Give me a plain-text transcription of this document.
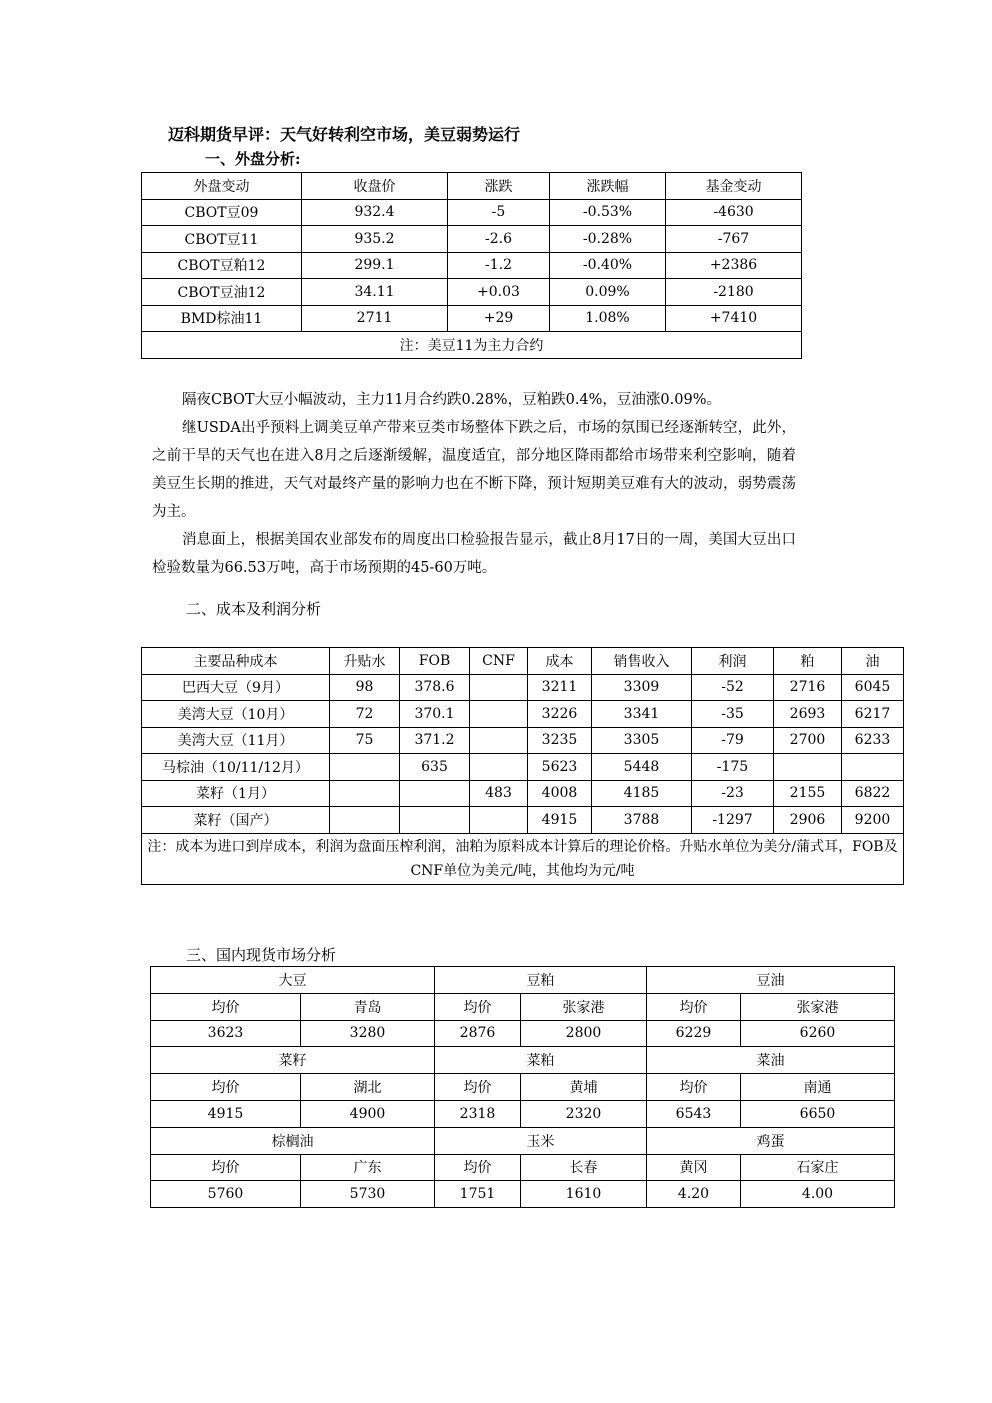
迈科期货早评：天气好转利空市场，美豆弱势运行
一、外盘分析:
外盘变动	收盘价	涨跌	涨跌幅	基金变动
CBOT豆09	932.4	-5	-0.53%	-4630
CBOT豆11	935.2	-2.6	-0.28%	-767
CBOT豆粕12	299.1	-1.2	-0.40%	+2386
CBOT豆油12	34.11	+0.03	0.09%	-2180
BMD棕油11	2711	+29	1.08%	+7410
注：美豆11为主力合约				

隔夜CBOT大豆小幅波动，主力11月合约跌0.28%，豆粕跌0.4%，豆油涨0.09%。

继USDA出乎预料上调美豆单产带来豆类市场整体下跌之后，市场的氛围已经逐渐转空，此外，之前干旱的天气也在进入8月之后逐渐缓解，温度适宜，部分地区降雨都给市场带来利空影响，随着美豆生长期的推进，天气对最终产量的影响力也在不断下降，预计短期美豆难有大的波动，弱势震荡为主。

消息面上，根据美国农业部发布的周度出口检验报告显示，截止8月17日的一周，美国大豆出口检验数量为66.53万吨，高于市场预期的45-60万吨。

二、成本及利润分析
主要品种成本	升贴水	FOB	CNF	成本	销售收入	利润	粕	油
巴西大豆（9月）	98	378.6		3211	3309	-52	2716	6045
美湾大豆（10月）	72	370.1		3226	3341	-35	2693	6217
美湾大豆（11月）	75	371.2		3235	3305	-79	2700	6233
马棕油（10/11/12月）		635		5623	5448	-175		
菜籽（1月）			483	4008	4185	-23	2155	6822
菜籽（国产）				4915	3788	-1297	2906	9200
注：成本为进口到岸成本，利润为盘面压榨利润，油粕为原料成本计算后的理论价格。升贴水单位为美分/蒲式耳，FOB及CNF单位为美元/吨，其他均为元/吨								
三、国内现货市场分析
大豆		豆粕		豆油	
均价	青岛	均价	张家港	均价	张家港
3623	3280	2876	2800	6229	6260
菜籽		菜粕		菜油	
均价	湖北	均价	黄埔	均价	南通
4915	4900	2318	2320	6543	6650
棕榈油		玉米		鸡蛋	
均价	广东	均价	长春	黄冈	石家庄
5760	5730	1751	1610	4.20	4.00
